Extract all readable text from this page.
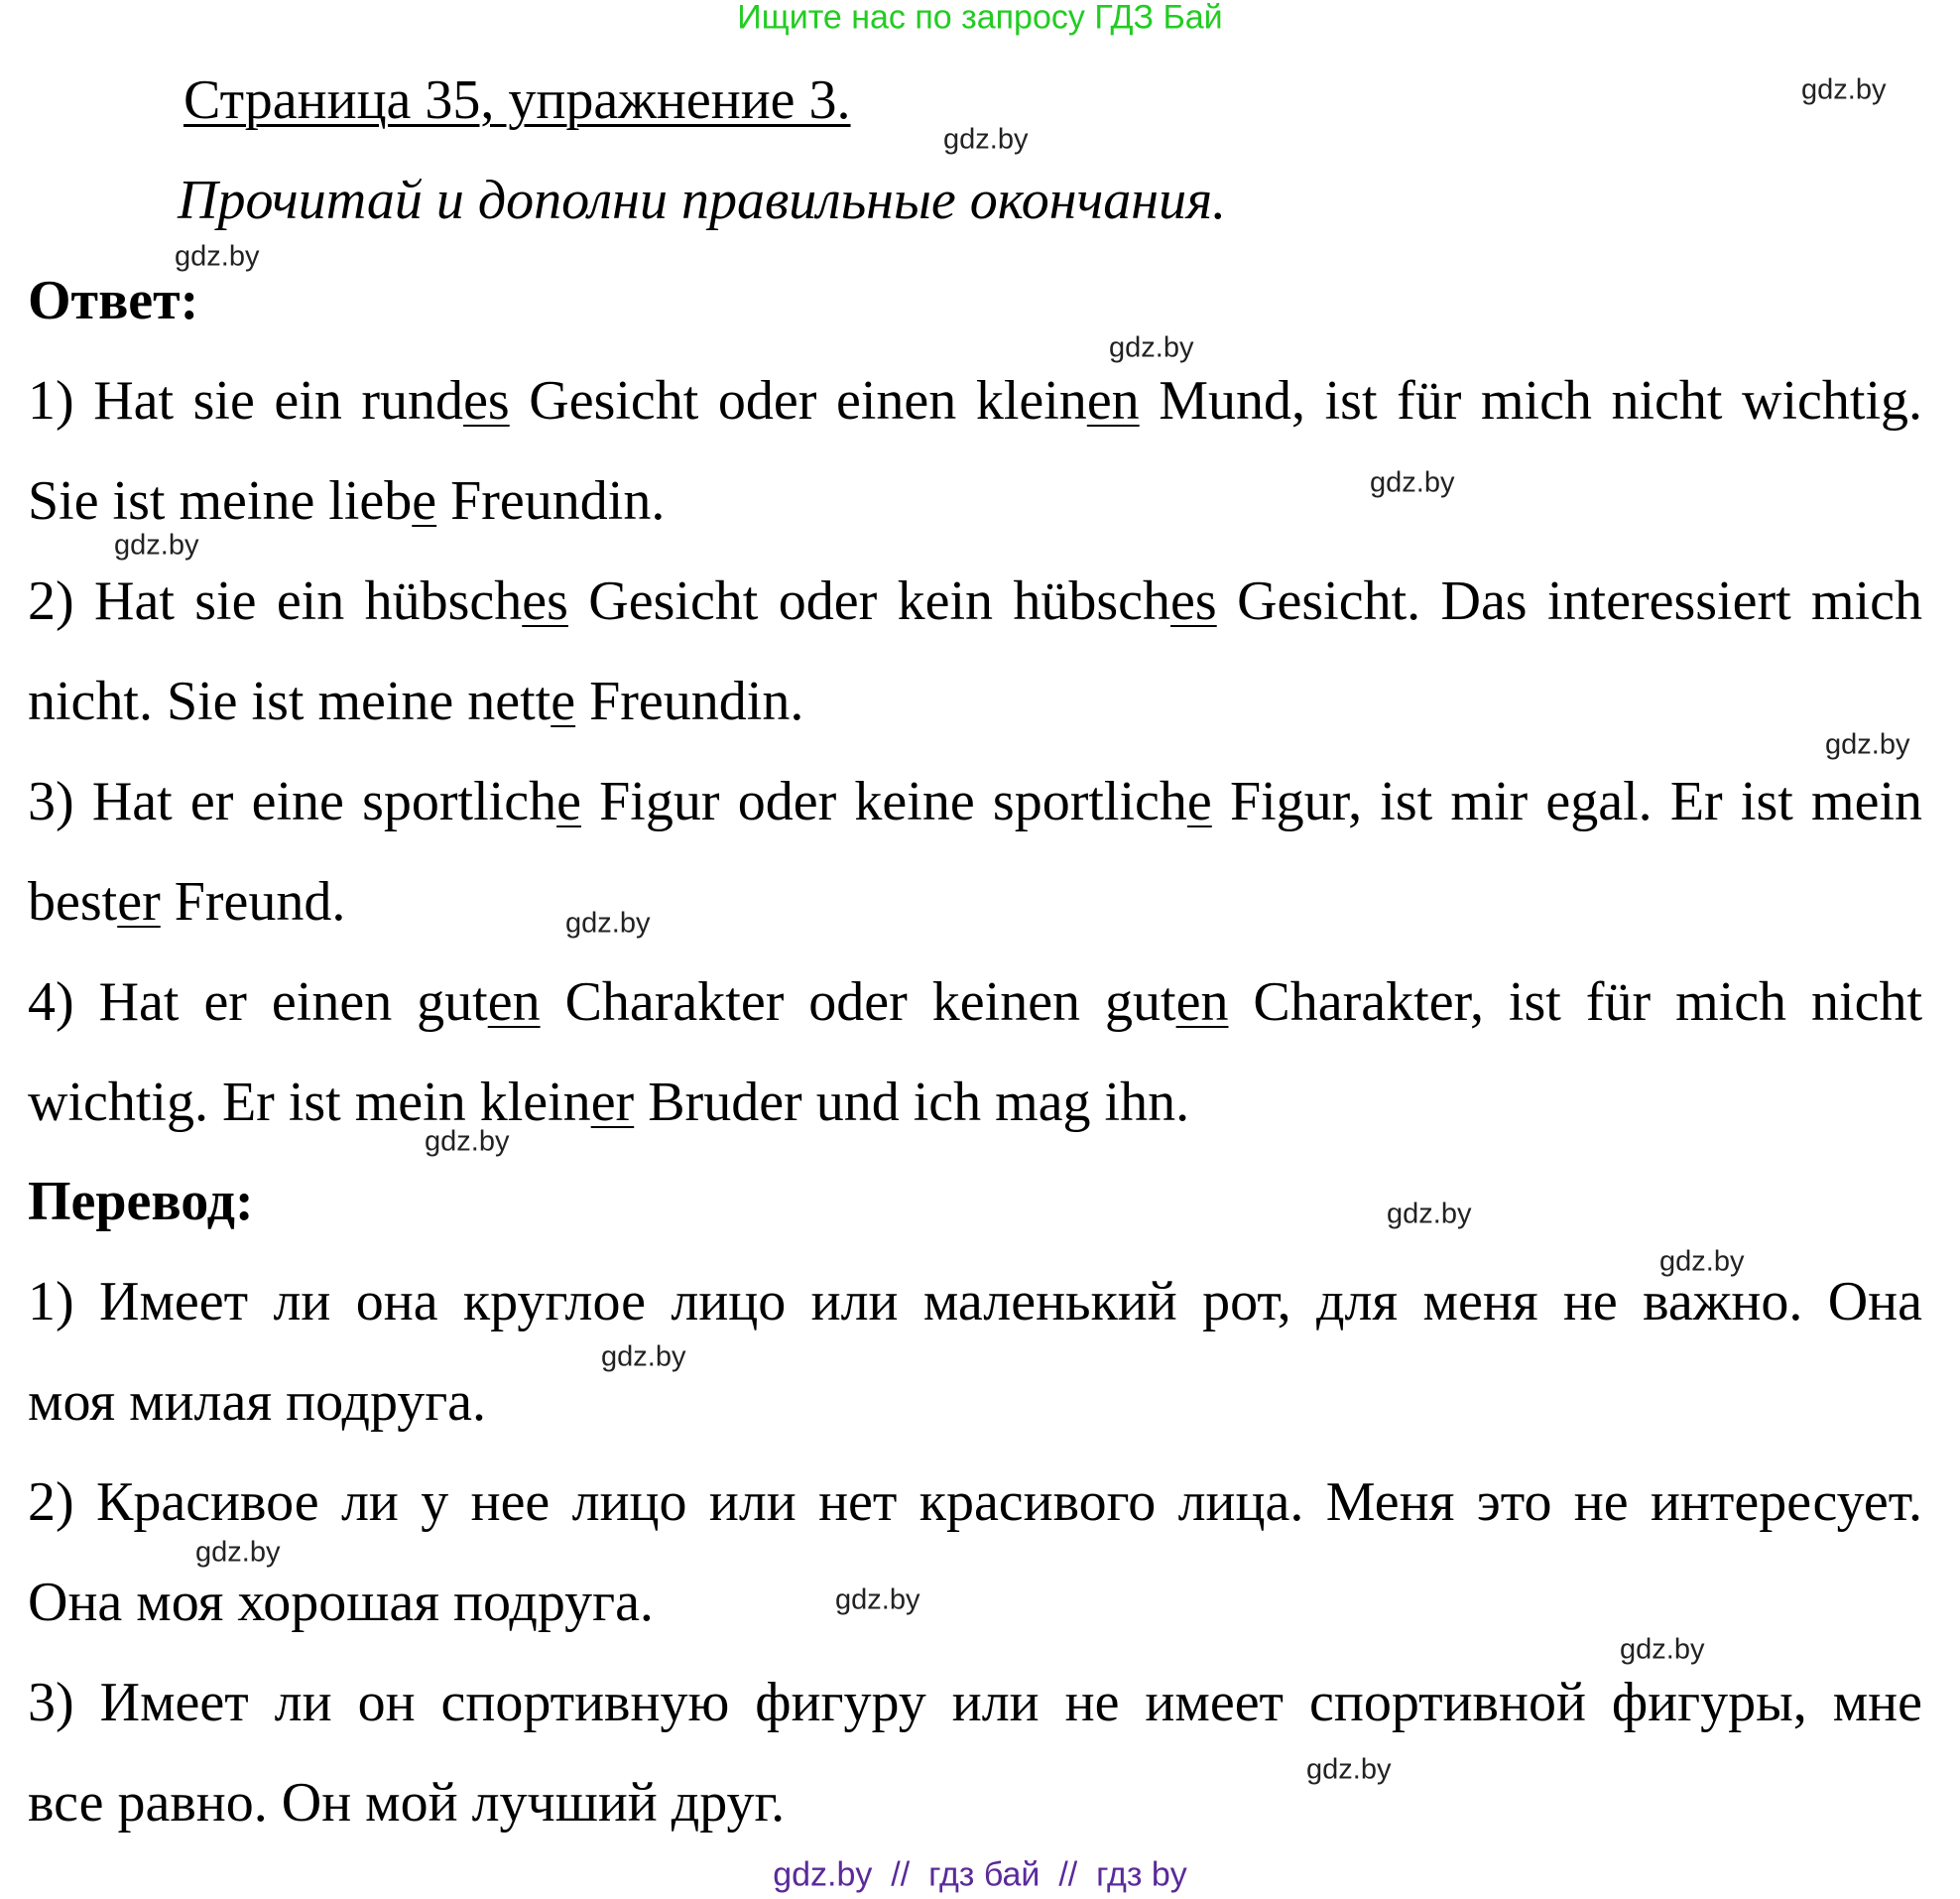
Ищите нас по запросу ГДЗ Бай
Страница 35, упражнение 3.
Прочитай и дополни правильные окончания.
Ответ:
1) Hat sie ein rundes Gesicht oder einen kleinen Mund, ist für mich nicht wichtig.
Sie ist meine liebe Freundin.
2) Hat sie ein hübsches Gesicht oder kein hübsches Gesicht. Das interessiert mich
nicht. Sie ist meine nette Freundin.
3) Hat er eine sportliche Figur oder keine sportliche Figur, ist mir egal. Er ist mein
bester Freund.
4) Hat er einen guten Charakter oder keinen guten Charakter, ist für mich nicht
wichtig. Er ist mein kleiner Bruder und ich mag ihn.
Перевод:
1) Имеет ли она круглое лицо или маленький рот, для меня не важно. Она
моя милая подруга.
2) Красивое ли у нее лицо или нет красивого лица. Меня это не интересует.
Она моя хорошая подруга.
3) Имеет ли он спортивную фигуру или не имеет спортивной фигуры, мне
все равно. Он мой лучший друг.
gdz.by
gdz.by
gdz.by
gdz.by
gdz.by
gdz.by
gdz.by
gdz.by
gdz.by
gdz.by
gdz.by
gdz.by
gdz.by
gdz.by
gdz.by
gdz.by
gdz.by  //  гдз бай  //  гдз by
